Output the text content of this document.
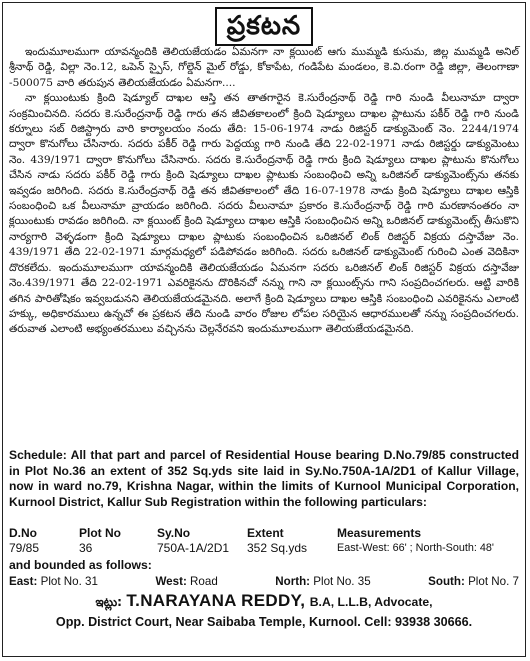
ప్రకటన

ఇందుమూలముగా యావన్మందికి తెలియజేయడం ఏమనగా నా క్లయింట్ ఆగు ముమ్మడి కుసుమ, జిల్ల ముమ్మడి అనిల్ శ్రీనాథ్ రెడ్డి, విల్లా నెం.12, ఒపెన్ స్పైస్, గోల్డెన్ మైల్ రోడ్డు, కోకాపేట, గండిపేట మండలం, కె.వి.రంగా రెడ్డి జిల్లా, తెలంగాణా -500075 వారి తరుపున తెలియజేయడం ఏమనగా....

నా క్లయింటుకు క్రింది షెడ్యూల్ దాఖల ఆస్తి తన తాతగారైన కె.సురేంద్రనాథ్ రెడ్డి గారి నుండి వీలునామా ద్వారా సంక్రమించినది. సదరు కె.సురేంద్రనాథ్ రెడ్డి గారు తన జీవితకాలంలో క్రింది షెడ్యూలు దాఖల ప్లాటును పకీర్ రెడ్డి గారి నుండి కర్నూలు సబ్ రిజిస్ట్రారు వారి కార్యాలయం నందు తేది: 15-06-1974 నాడు రిజిస్టర్ డాక్యుమెంట్ నెం. 2244/1974 ద్వారా కొనుగోలు చేసినారు. సదరు పకీర్ రెడ్డి గారు పెద్దయ్య గారి నుండి తేది 22-02-1971 నాడు రిజిస్టర్డు డాక్యుమెంటు నెం. 439/1971 ద్వారా కొనుగోలు చేసినారు. సదరు కె.సురేంద్రనాథ్ రెడ్డి గారు క్రింది షెడ్యూలు దాఖల ప్లాటును కొనుగోలు చేసిన నాడు సదరు పకీర్ రెడ్డి గారు క్రింది షెడ్యూలు దాఖల ప్లాటుకు సంబంధించి అన్ని ఒరిజినల్ డాక్యుమెంట్స్‌ను తనకు ఇవ్వడం జరిగింది. సదరు కె.సురేంద్రనాథ్ రెడ్డి తన జీవితకాలంలో తేది 16-07-1978 నాడు క్రింది షెడ్యూలు దాఖల ఆస్తికి సంబంధించి ఒక వీలునామా వ్రాయడం జరిగింది. సదరు వీలునామా ప్రకారం కె.సురేంద్రనాథ్ రెడ్డి గారి మరణానంతరం నా క్లయింటుకు రావడం జరిగింది. నా క్లయింట్ క్రింది షెడ్యూలు దాఖల ఆస్తికి సంబంధించిన అన్ని ఒరిజినల్ డాక్యుమెంట్స్ తీసుకొని నార్యగారి వెళ్ళడంగా క్రింది షెడ్యూలు దాఖల ప్లాటుకు సంబంధించిన ఒరిజినల్ లింక్ రిజిస్టర్ విక్రయ దస్తావేజు నెం. 439/1971 తేది 22-02-1971 మార్గమధ్యలో పడిపోవడం జరిగింది. సదరు ఒరిజినల్ డాక్యుమెంట్ గురించి ఎంత వెదికినా దొరకలేదు. ఇందుమూలముగా యావన్మందికి తెలియజేయడం ఏమనగా సదరు ఒరిజినల్ లింక్ రిజిస్టర్ విక్రయ దస్తావేజు నెం.439/1971 తేది 22-02-1971 ఎవరికైనను దొరికినచో నన్ను గాని నా క్లయింట్స్‌ను గాని సంప్రదించగలరు. ఆట్టి వారికి తగిన పారితోషికం ఇవ్వబడునని తెలియజేయడమైనది. అలాగే క్రింది షెడ్యూలు దాఖల ఆస్తికి సంబంధించి ఎవరికైనను ఎలాంటి హక్కు, అధికారములు ఉన్నచో ఈ ప్రకటన తేది నుండి వారం రోజుల లోపల సరియైన ఆధారములతో నన్ను సంప్రదించగలరు. తరువాత ఎలాంటి అభ్యంతరములు వచ్చినను చెల్లనేరవని ఇందుమూలముగా తెలియజేయడమైనది.

Schedule: All that part and parcel of Residential House bearing D.No.79/85 constructed in Plot No.36 an extent of 352 Sq.yds site laid in Sy.No.750A-1A/2D1 of Kallur Village, now in ward no.79, Krishna Nagar, within the limits of Kurnool Municipal Corporation, Kurnool District, Kallur Sub Registration within the following particulars:
D.No	Plot No	Sy.No	Extent	Measurements
79/85	36	750A-1A/2D1	352 Sq.yds	East-West: 66' ; North-South: 48'
and bounded as follows:
East: Plot No. 31	West: Road	North: Plot No. 35	South: Plot No. 7
ఇట్లు: T.NARAYANA REDDY, B.A, L.L.B, Advocate,
Opp. District Court, Near Saibaba Temple, Kurnool. Cell: 93938 30666.
